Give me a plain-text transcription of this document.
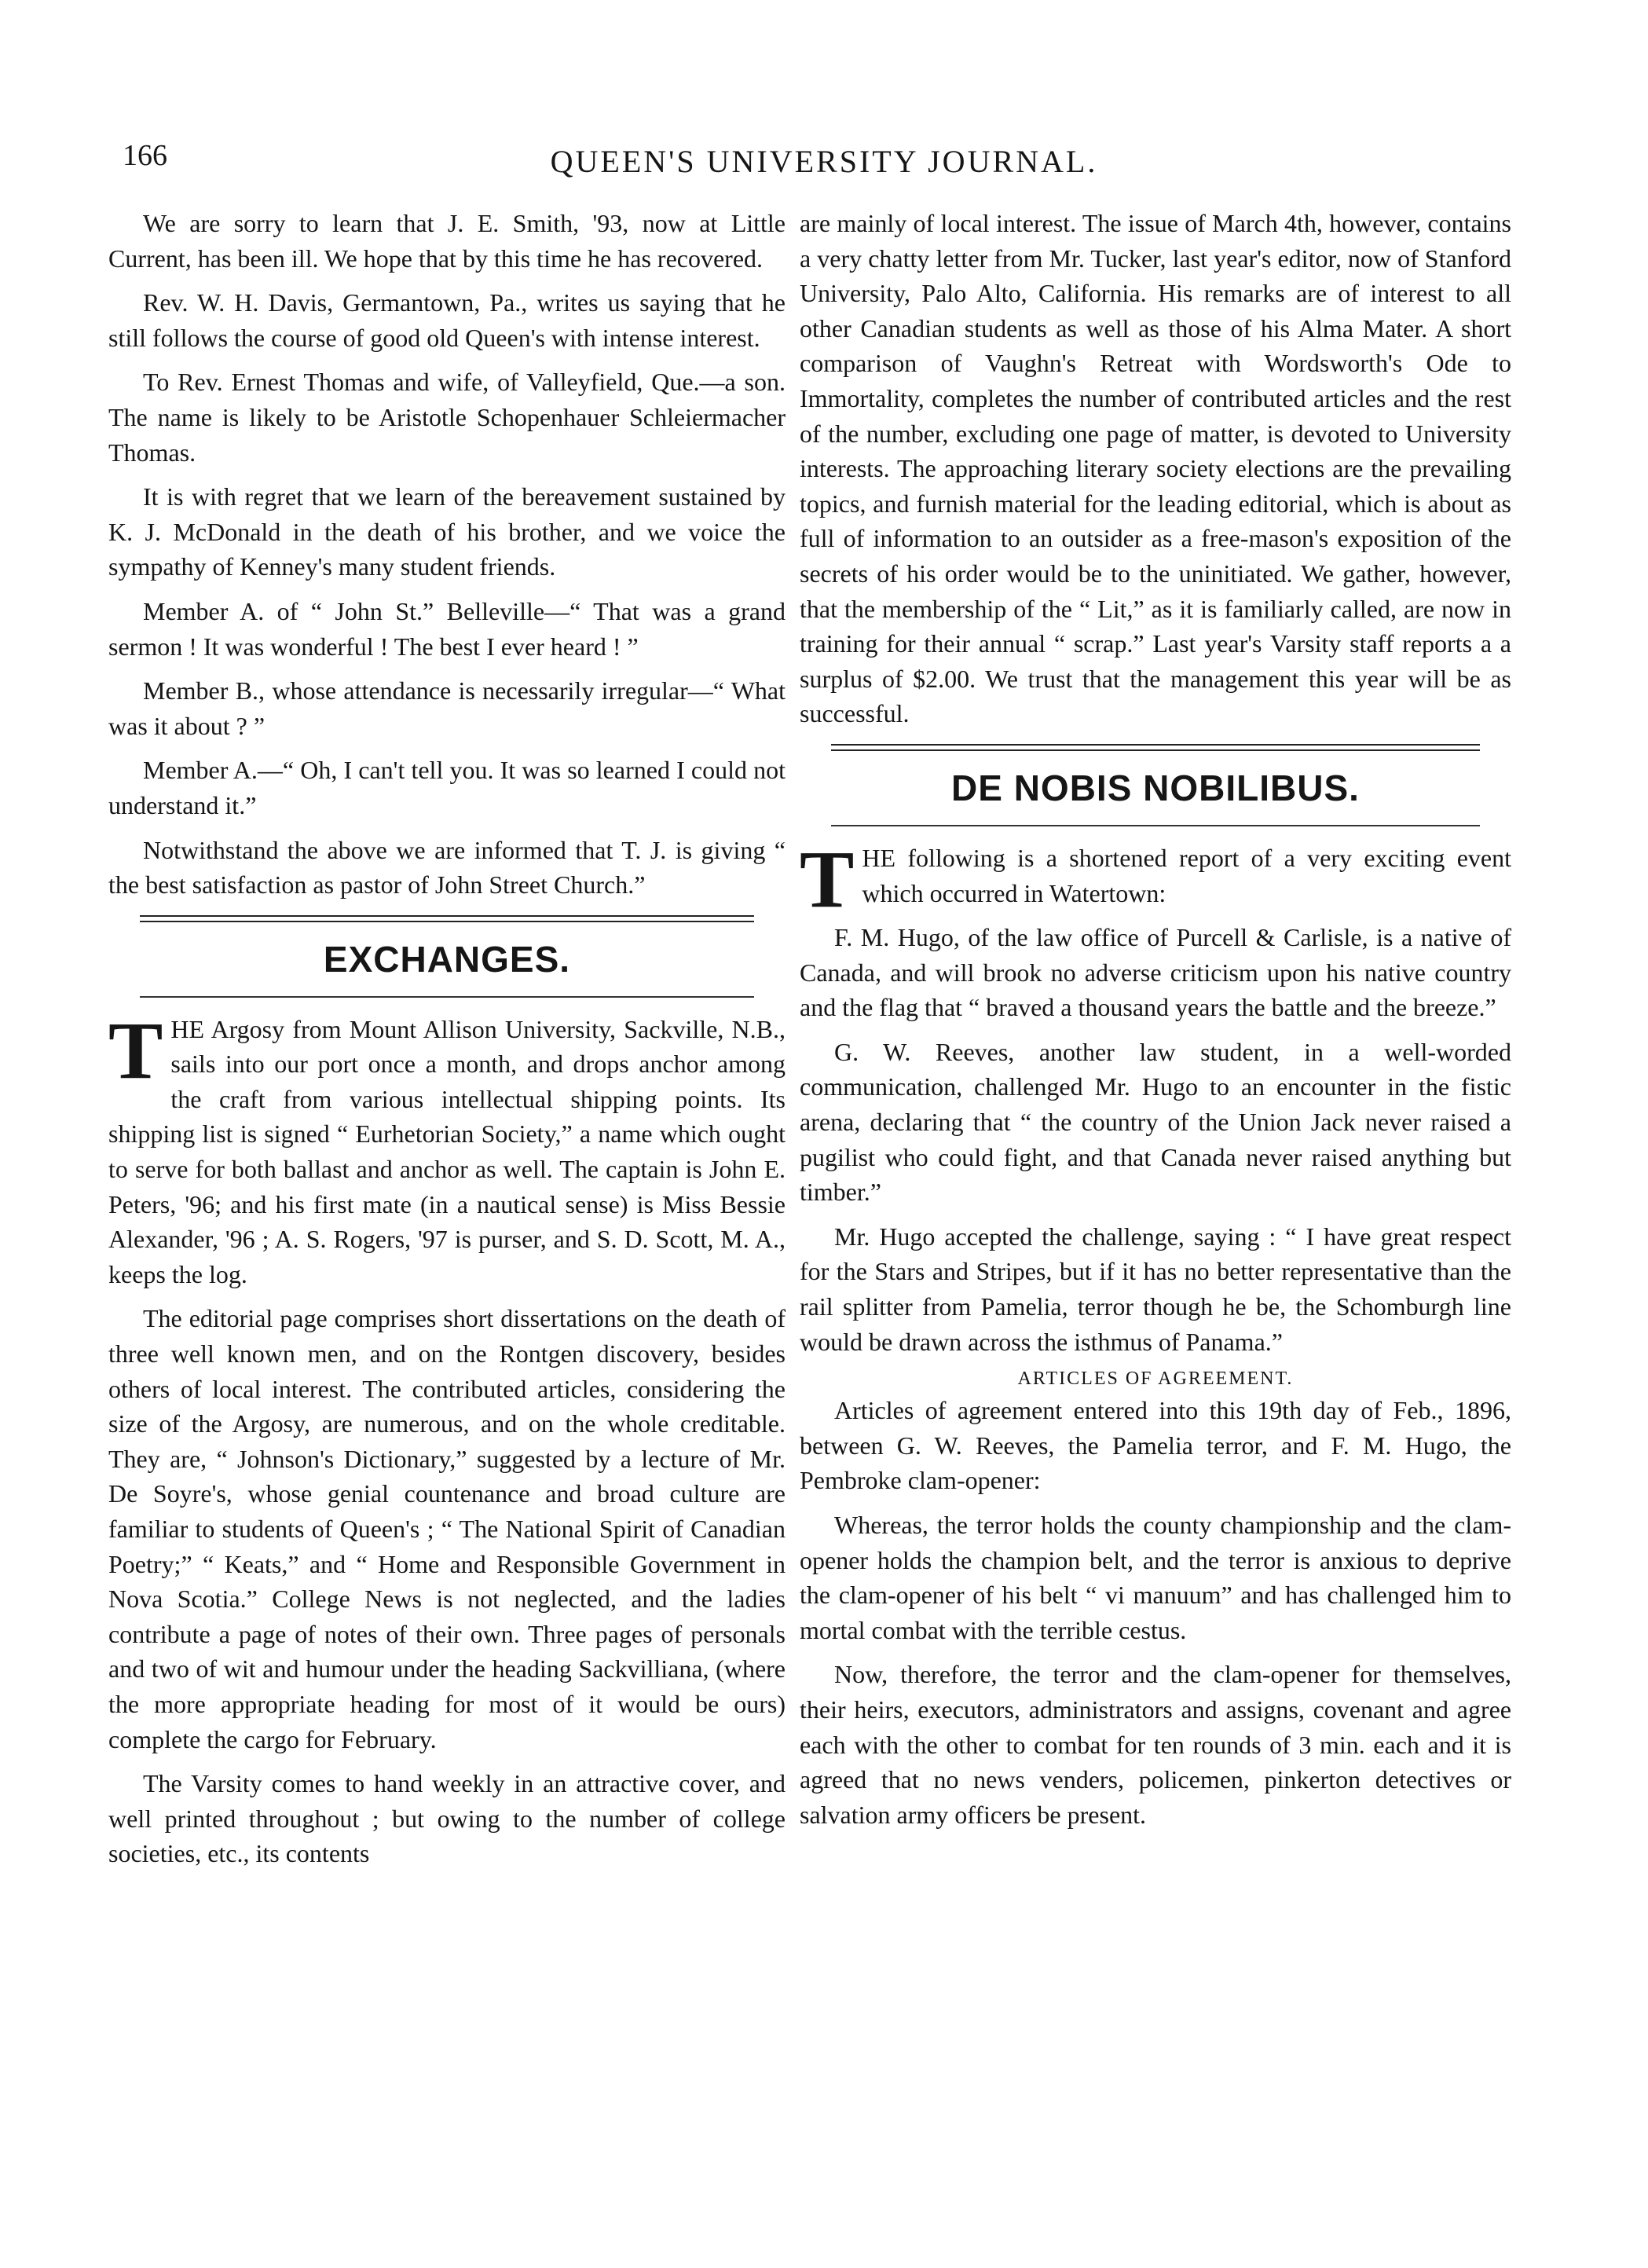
166	QUEEN'S UNIVERSITY JOURNAL.

We are sorry to learn that J. E. Smith, '93, now at Little Current, has been ill. We hope that by this time he has recovered.

Rev. W. H. Davis, Germantown, Pa., writes us saying that he still follows the course of good old Queen's with intense interest.

To Rev. Ernest Thomas and wife, of Valleyfield, Que.—a son. The name is likely to be Aristotle Schopenhauer Schleiermacher Thomas.

It is with regret that we learn of the bereavement sustained by K. J. McDonald in the death of his brother, and we voice the sympathy of Kenney's many student friends.

Member A. of “ John St.” Belleville—“ That was a grand sermon ! It was wonderful ! The best I ever heard ! ”

Member B., whose attendance is necessarily irregular—“ What was it about ? ”

Member A.—“ Oh, I can't tell you. It was so learned I could not understand it.”

Notwithstand the above we are informed that T. J. is giving “ the best satisfaction as pastor of John Street Church.”

EXCHANGES.

THE Argosy from Mount Allison University, Sackville, N.B., sails into our port once a month, and drops anchor among the craft from various intellectual shipping points. Its shipping list is signed “ Eurhetorian Society,” a name which ought to serve for both ballast and anchor as well. The captain is John E. Peters, '96; and his first mate (in a nautical sense) is Miss Bessie Alexander, '96 ; A. S. Rogers, '97 is purser, and S. D. Scott, M. A., keeps the log.

The editorial page comprises short dissertations on the death of three well known men, and on the Rontgen discovery, besides others of local interest. The contributed articles, considering the size of the Argosy, are numerous, and on the whole creditable. They are, “ Johnson's Dictionary,” suggested by a lecture of Mr. De Soyre's, whose genial countenance and broad culture are familiar to students of Queen's ; “ The National Spirit of Canadian Poetry;” “ Keats,” and “ Home and Responsible Government in Nova Scotia.” College News is not neglected, and the ladies contribute a page of notes of their own. Three pages of personals and two of wit and humour under the heading Sackvilliana, (where the more appropriate heading for most of it would be ours) complete the cargo for February.

The Varsity comes to hand weekly in an attractive cover, and well printed throughout ; but owing to the number of college societies, etc., its contents

are mainly of local interest. The issue of March 4th, however, contains a very chatty letter from Mr. Tucker, last year's editor, now of Stanford University, Palo Alto, California. His remarks are of interest to all other Canadian students as well as those of his Alma Mater. A short comparison of Vaughn's Retreat with Wordsworth's Ode to Immortality, completes the number of contributed articles and the rest of the number, excluding one page of matter, is devoted to University interests. The approaching literary society elections are the prevailing topics, and furnish material for the leading editorial, which is about as full of information to an outsider as a free-mason's exposition of the secrets of his order would be to the uninitiated. We gather, however, that the membership of the “ Lit,” as it is familiarly called, are now in training for their annual “ scrap.” Last year's Varsity staff reports a a surplus of $2.00. We trust that the management this year will be as successful.

DE NOBIS NOBILIBUS.

THE following is a shortened report of a very exciting event which occurred in Watertown:

F. M. Hugo, of the law office of Purcell & Carlisle, is a native of Canada, and will brook no adverse criticism upon his native country and the flag that “ braved a thousand years the battle and the breeze.”

G. W. Reeves, another law student, in a well-worded communication, challenged Mr. Hugo to an encounter in the fistic arena, declaring that “ the country of the Union Jack never raised a pugilist who could fight, and that Canada never raised anything but timber.”

Mr. Hugo accepted the challenge, saying : “ I have great respect for the Stars and Stripes, but if it has no better representative than the rail splitter from Pamelia, terror though he be, the Schomburgh line would be drawn across the isthmus of Panama.”

ARTICLES OF AGREEMENT.

Articles of agreement entered into this 19th day of Feb., 1896, between G. W. Reeves, the Pamelia terror, and F. M. Hugo, the Pembroke clam-opener:

Whereas, the terror holds the county championship and the clam-opener holds the champion belt, and the terror is anxious to deprive the clam-opener of his belt “ vi manuum” and has challenged him to mortal combat with the terrible cestus.

Now, therefore, the terror and the clam-opener for themselves, their heirs, executors, administrators and assigns, covenant and agree each with the other to combat for ten rounds of 3 min. each and it is agreed that no news venders, policemen, pinkerton detectives or salvation army officers be present.
